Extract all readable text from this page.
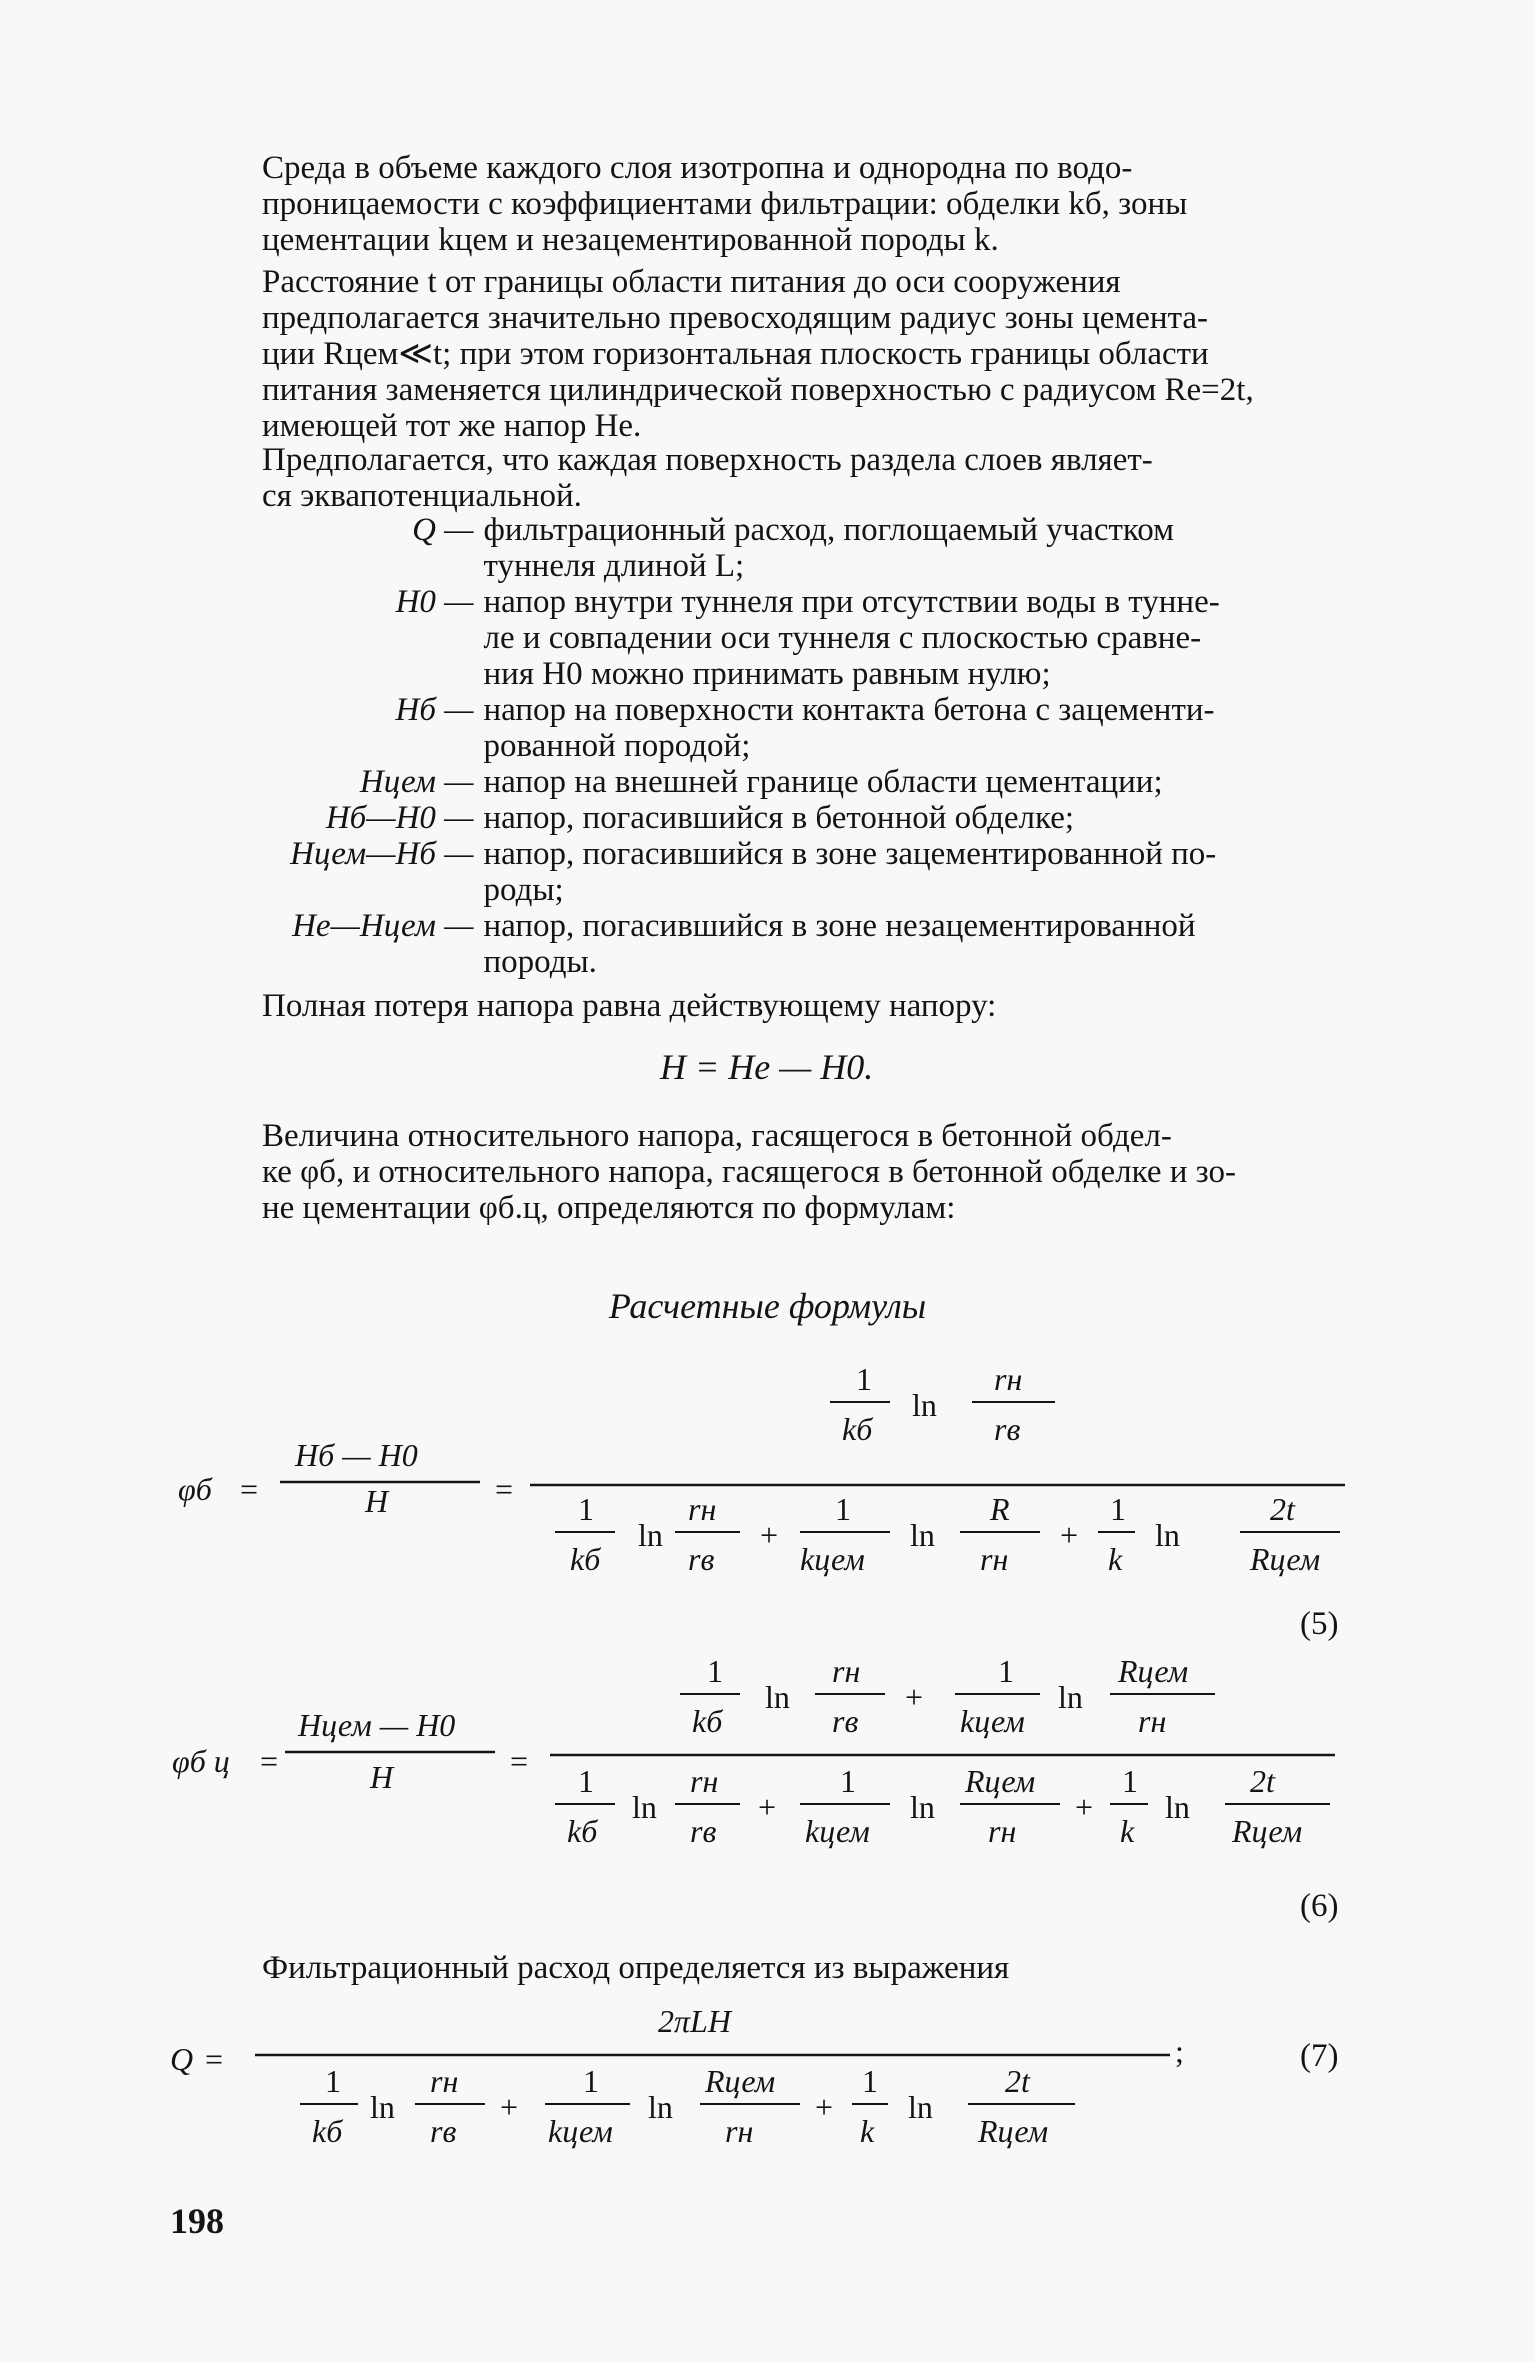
Среда в объеме каждого слоя изотропна и однородна по водо-
проницаемости с коэффициентами фильтрации: обделки kб, зоны
цементации kцем и незацементированной породы k.
Расстояние t от границы области питания до оси сооружения
предполагается значительно превосходящим радиус зоны цемента-
ции Rцем≪t; при этом горизонтальная плоскость границы области
питания заменяется цилиндрической поверхностью с радиусом Rе=2t,
имеющей тот же напор Hе.
Предполагается, что каждая поверхность раздела слоев являет-
ся эквапотенциальной.
Q — фильтрационный расход, поглощаемый участком
туннеля длиной L;
H0 — напор внутри туннеля при отсутствии воды в тунне-
ле и совпадении оси туннеля с плоскостью сравне-
ния H0 можно принимать равным нулю;
Hб — напор на поверхности контакта бетона с зацементи-
рованной породой;
Hцем — напор на внешней границе области цементации;
Hб—H0 — напор, погасившийся в бетонной обделке;
Hцем—Hб — напор, погасившийся в зоне зацементированной по-
роды;
Hе—Hцем — напор, погасившийся в зоне незацементированной
породы.
Полная потеря напора равна действующему напору:
H = Hе — H0.
Величина относительного напора, гасящегося в бетонной обдел-
ке φб, и относительного напора, гасящегося в бетонной обделке и зо-
не цементации φб.ц, определяются по формулам:
Расчетные формулы
φб =
Hб — H0
H	=
1
kб
ln
rн
rв
1
kб
ln
rн
rв
+
1
kцем
ln
R
rн
+
1
k
ln
2t
Rцем
(5)
φб ц =
Hцем — H0
H	=
1
kб
ln
rн
rв
+
1
kцем
ln
Rцем
rн
1
kб
ln
rн
rв
+
1
kцем
ln
Rцем
rн
+
1
k
ln
2t
Rцем
(6)
Фильтрационный расход определяется из выражения
Q =
2πLH
;
1
kб
ln
rн
rв
+
1
kцем
ln
Rцем
rн
+
1
k
ln
2t
Rцем
(7)
198
